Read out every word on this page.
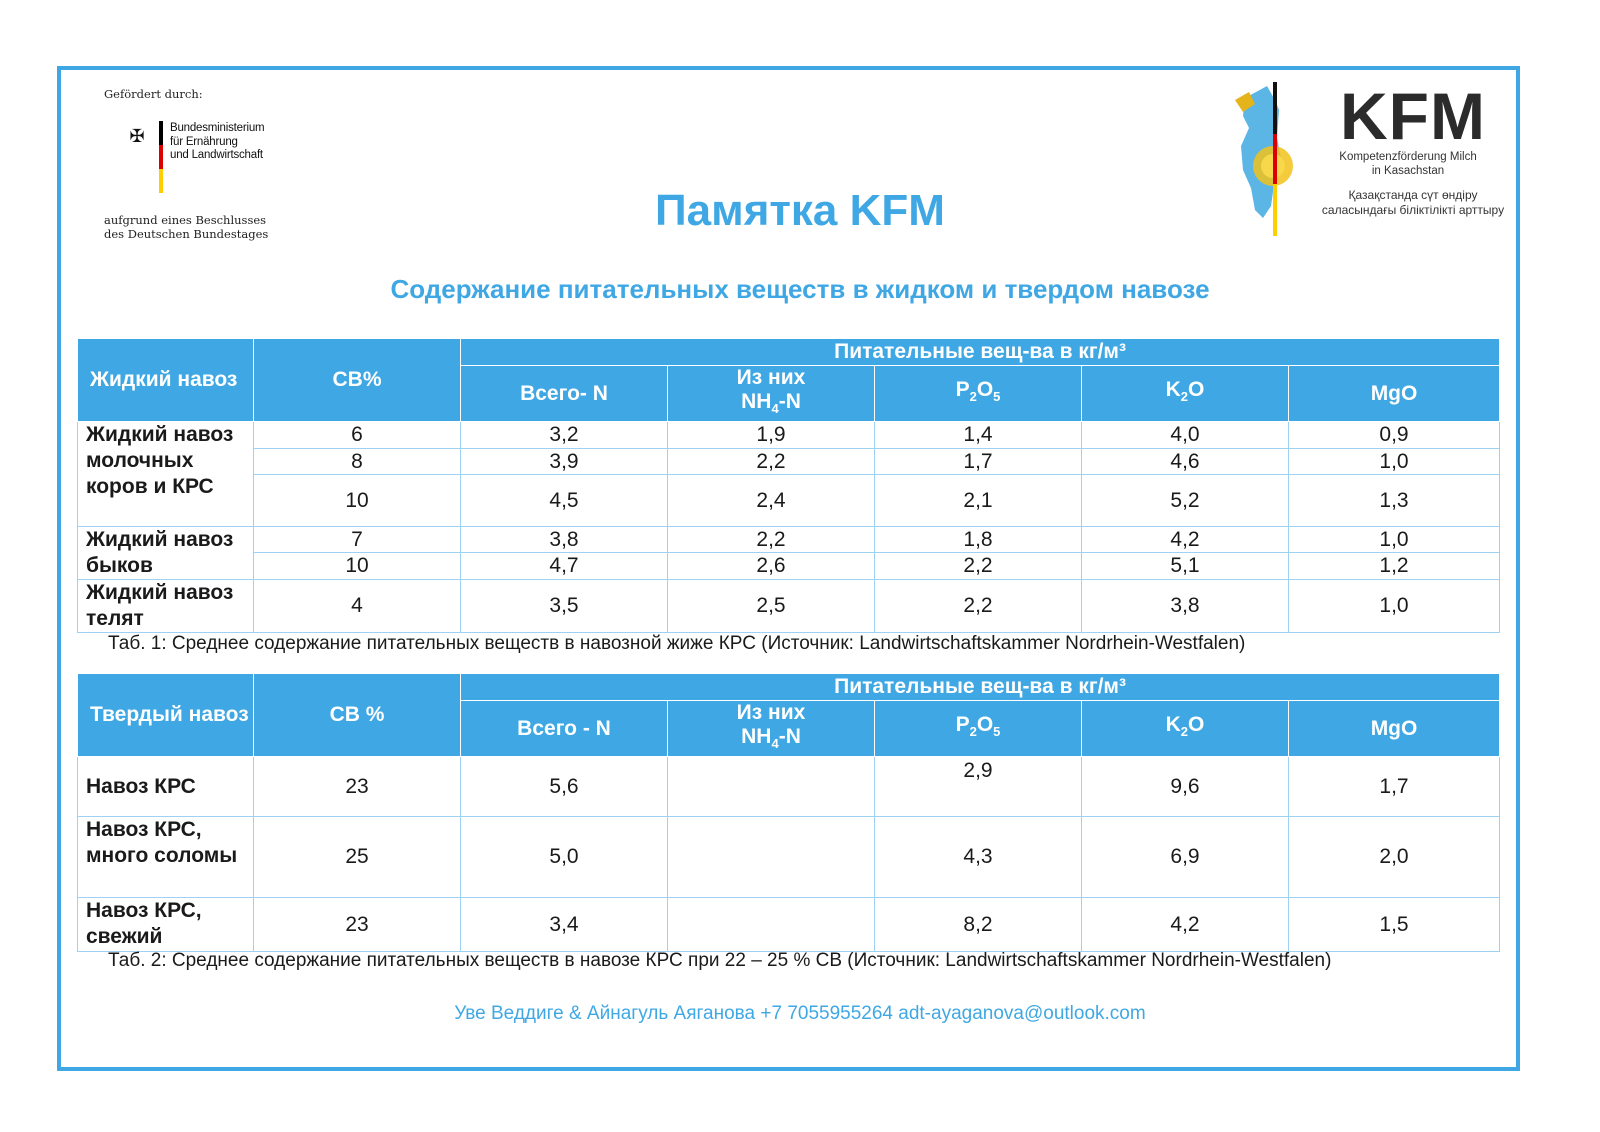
Gefördert durch:
✠	Bundesministerium
für Ernährung
und Landwirtschaft
aufgrund eines Beschlusses
des Deutschen Bundestages
KFM
Kompetenzförderung Milch
in Kasachstan
Қазақстанда сүт өндіру
саласындағы біліктілікті арттыру
Памятка KFM
Содержание питательных веществ в жидком и твердом навозе
Жидкий навоз	СВ%	Питательные вещ-ва в кг/м³				
		Всего- N	Из них
$NH_4-N$	$P_2O_5$	$K_2O$	MgO
Жидкий навоз молочных коров и КРС	6	3,2	1,9	1,4	4,0	0,9
	8	3,9	2,2	1,7	4,6	1,0
	10	4,5	2,4	2,1	5,2	1,3
Жидкий навоз быков	7	3,8	2,2	1,8	4,2	1,0
	10	4,7	2,6	2,2	5,1	1,2
Жидкий навоз телят	4	3,5	2,5	2,2	3,8	1,0
Таб. 1: Среднее содержание питательных веществ в навозной жиже КРС (Источник: Landwirtschaftskammer Nordrhein-Westfalen)
Твердый навоз	СВ %	Питательные вещ-ва в кг/м³				
		Всего - N	Из них
$NH_4-N$	$P_2O_5$	$K_2O$	MgO
Навоз КРС	23	5,6		2,9	9,6	1,7
Навоз КРС, много соломы	25	5,0		4,3	6,9	2,0
Навоз КРС, свежий	23	3,4		8,2	4,2	1,5
Таб. 2: Среднее содержание питательных веществ в навозе КРС при 22 – 25 % СВ (Источник: Landwirtschaftskammer Nordrhein-Westfalen)
Уве Веддиге & Айнагуль Аяганова +7 7055955264 adt-ayaganova@outlook.com
